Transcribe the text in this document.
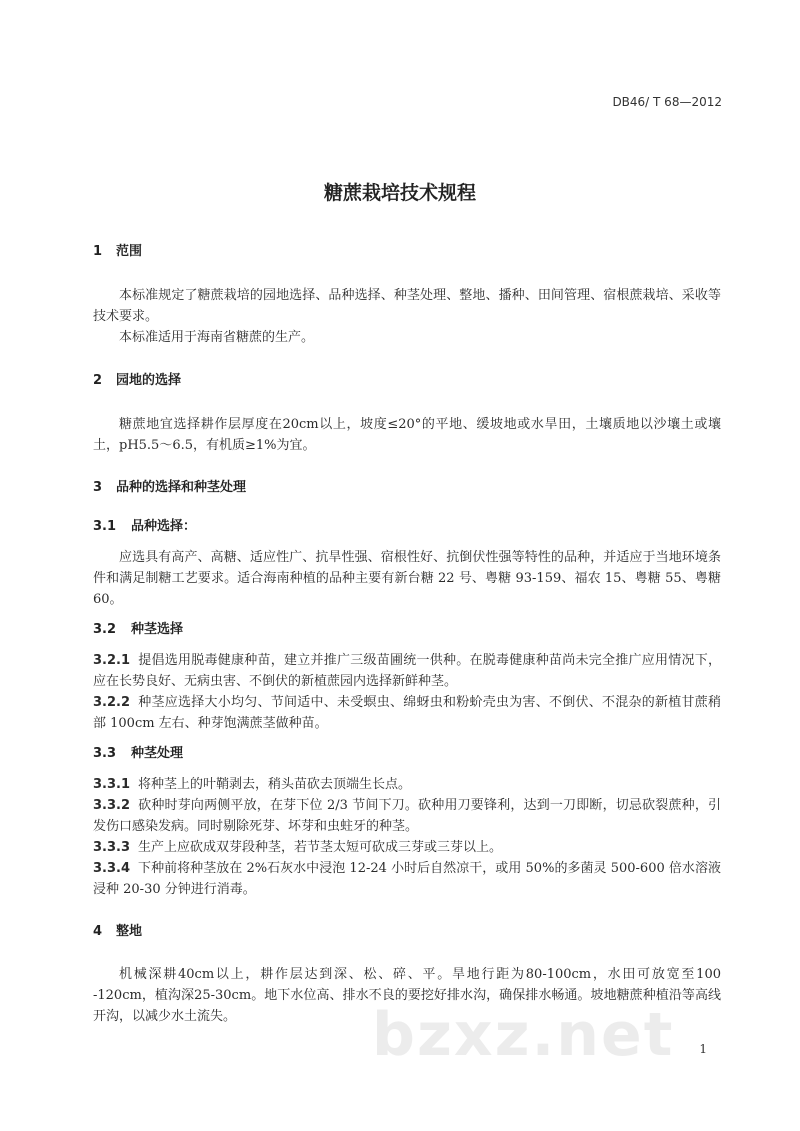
DB46/ T 68—2012
糖蔗栽培技术规程
1 范围
本标准规定了糖蔗栽培的园地选择、品种选择、种茎处理、整地、播种、田间管理、宿根蔗栽培、采收等技术要求。
本标准适用于海南省糖蔗的生产。
2 园地的选择
糖蔗地宜选择耕作层厚度在20cm以上，坡度≤20°的平地、缓坡地或水旱田，土壤质地以沙壤土或壤土，pH5.5～6.5，有机质≥1%为宜。
3 品种的选择和种茎处理
3.1 品种选择：
应选具有高产、高糖、适应性广、抗旱性强、宿根性好、抗倒伏性强等特性的品种，并适应于当地环境条件和满足制糖工艺要求。适合海南种植的品种主要有新台糖 22 号、粤糖 93-159、福农 15、粤糖 55、粤糖 60。
3.2 种茎选择
3.2.1 提倡选用脱毒健康种苗，建立并推广三级苗圃统一供种。在脱毒健康种苗尚未完全推广应用情况下，应在长势良好、无病虫害、不倒伏的新植蔗园内选择新鲜种茎。
3.2.2 种茎应选择大小均匀、节间适中、未受螟虫、绵蚜虫和粉蚧壳虫为害、不倒伏、不混杂的新植甘蔗稍部 100cm 左右、种芽饱满蔗茎做种苗。
3.3 种茎处理
3.3.1 将种茎上的叶鞘剥去，稍头苗砍去顶端生长点。
3.3.2 砍种时芽向两侧平放，在芽下位 2/3 节间下刀。砍种用刀要锋利，达到一刀即断，切忌砍裂蔗种，引发伤口感染发病。同时剔除死芽、坏芽和虫蛀牙的种茎。
3.3.3 生产上应砍成双芽段种茎，若节茎太短可砍成三芽或三芽以上。
3.3.4 下种前将种茎放在 2%石灰水中浸泡 12-24 小时后自然凉干，或用 50%的多菌灵 500-600 倍水溶液浸种 20-30 分钟进行消毒。
4 整地
机械深耕40cm以上，耕作层达到深、松、碎、平。旱地行距为80-100cm，水田可放宽至100 -120cm，植沟深25-30cm。地下水位高、排水不良的要挖好排水沟，确保排水畅通。坡地糖蔗种植沿等高线开沟，以减少水土流失。	bzxz.net 1
